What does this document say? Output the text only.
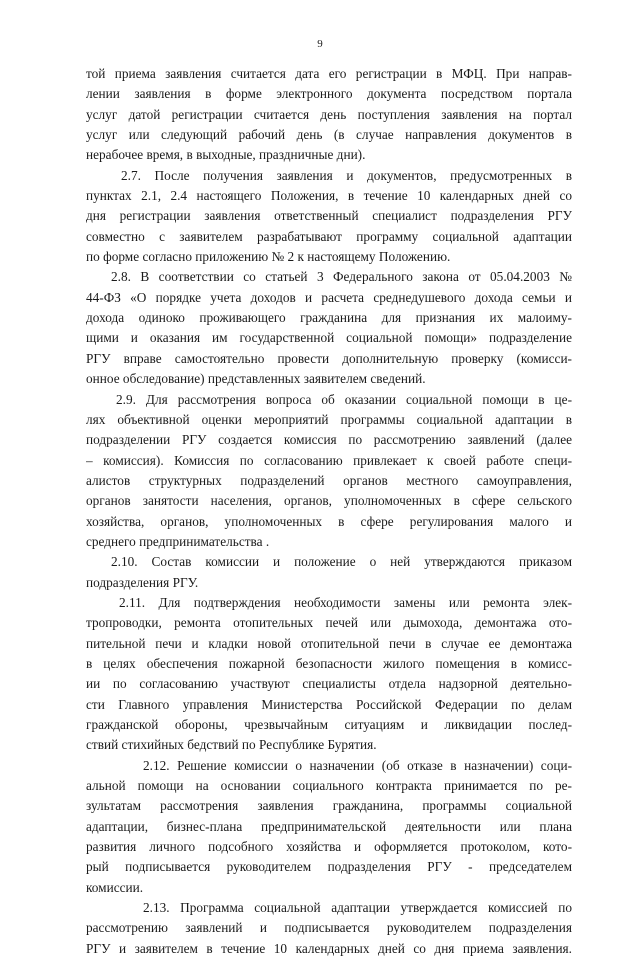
9
той приема заявления считается дата его регистрации в МФЦ. При направ-
лении заявления в форме электронного документа посредством портала
услуг датой регистрации считается день поступления заявления на портал
услуг или следующий рабочий день (в случае направления документов в
нерабочее время, в выходные, праздничные дни).
2.7. После получения заявления и документов, предусмотренных в
пунктах 2.1, 2.4 настоящего Положения, в течение 10 календарных дней со
дня регистрации заявления ответственный специалист подразделения РГУ
совместно с заявителем разрабатывают программу социальной адаптации
по форме согласно приложению № 2 к настоящему Положению.
2.8. В соответствии со статьей 3 Федерального закона от 05.04.2003 №
44-ФЗ «О порядке учета доходов и расчета среднедушевого дохода семьи и
дохода одиноко проживающего гражданина для признания их малоиму-
щими и оказания им государственной социальной помощи» подразделение
РГУ вправе самостоятельно провести дополнительную проверку (комисси-
онное обследование) представленных заявителем сведений.
2.9. Для рассмотрения вопроса об оказании социальной помощи в це-
лях объективной оценки мероприятий программы социальной адаптации в
подразделении РГУ создается комиссия по рассмотрению заявлений (далее
– комиссия). Комиссия по согласованию привлекает к своей работе специ-
алистов структурных подразделений органов местного самоуправления,
органов занятости населения, органов, уполномоченных в сфере сельского
хозяйства, органов, уполномоченных в сфере регулирования малого и
среднего предпринимательства .
2.10. Состав комиссии и положение о ней утверждаются приказом
подразделения РГУ.
2.11. Для подтверждения необходимости замены или ремонта элек-
тропроводки, ремонта отопительных печей или дымохода, демонтажа ото-
пительной печи и кладки новой отопительной печи в случае ее демонтажа
в целях обеспечения пожарной безопасности жилого помещения в комисс-
ии по согласованию участвуют специалисты отдела надзорной деятельно-
сти Главного управления Министерства Российской Федерации по делам
гражданской обороны, чрезвычайным ситуациям и ликвидации послед-
ствий стихийных бедствий по Республике Бурятия.
2.12. Решение комиссии о назначении (об отказе в назначении) соци-
альной помощи на основании социального контракта принимается по ре-
зультатам рассмотрения заявления гражданина, программы социальной
адаптации, бизнес-плана предпринимательской деятельности или плана
развития личного подсобного хозяйства и оформляется протоколом, кото-
рый подписывается руководителем подразделения РГУ - председателем
комиссии.
2.13. Программа социальной адаптации утверждается комиссией по
рассмотрению заявлений и подписывается руководителем подразделения
РГУ и заявителем в течение 10 календарных дней со дня приема заявления.
